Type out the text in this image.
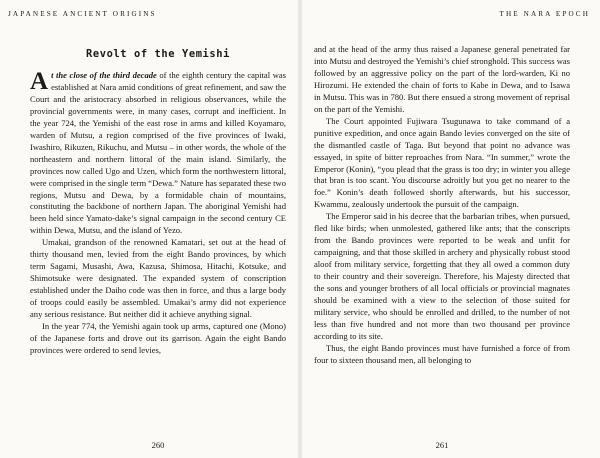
JAPANESE ANCIENT ORIGINS
Revolt of the Yemishi

At the close of the third decade of the eighth century the capital was established at Nara amid conditions of great refinement, and saw the Court and the aristocracy absorbed in religious observances, while the provincial governments were, in many cases, corrupt and inefficient. In the year 724, the Yemishi of the east rose in arms and killed Koyamaro, warden of Mutsu, a region comprised of the five provinces of Iwaki, Iwashiro, Rikuzen, Rikuchu, and Mutsu – in other words, the whole of the northeastern and northern littoral of the main island. Similarly, the provinces now called Ugo and Uzen, which form the northwestern littoral, were comprised in the single term “Dewa.” Nature has separated these two regions, Mutsu and Dewa, by a formidable chain of mountains, constituting the backbone of northern Japan. The aboriginal Yemishi had been held since Yamato-dake’s signal campaign in the second century CE within Dewa, Mutsu, and the island of Yezo.

Umakai, grandson of the renowned Kamatari, set out at the head of thirty thousand men, levied from the eight Bando provinces, by which term Sagami, Musashi, Awa, Kazusa, Shimosa, Hitachi, Kotsuke, and Shimotsuke were designated. The expanded system of conscription established under the Daiho code was then in force, and thus a large body of troops could easily be assembled. Umakai’s army did not experience any serious resistance. But neither did it achieve anything signal.

In the year 774, the Yemishi again took up arms, captured one (Mono) of the Japanese forts and drove out its garrison. Again the eight Bando provinces were ordered to send levies,

260
THE NARA EPOCH

and at the head of the army thus raised a Japanese general penetrated far into Mutsu and destroyed the Yemishi’s chief stronghold. This success was followed by an aggressive policy on the part of the lord-warden, Ki no Hirozumi. He extended the chain of forts to Kabe in Dewa, and to Isawa in Mutsu. This was in 780. But there ensued a strong movement of reprisal on the part of the Yemishi.

The Court appointed Fujiwara Tsugunawa to take command of a punitive expedition, and once again Bando levies converged on the site of the dismantled castle of Taga. But beyond that point no advance was essayed, in spite of bitter reproaches from Nara. “In summer,” wrote the Emperor (Konin), “you plead that the grass is too dry; in winter you allege that bran is too scant. You discourse adroitly but you get no nearer to the foe.” Konin’s death followed shortly afterwards, but his successor, Kwammu, zealously undertook the pursuit of the campaign.

The Emperor said in his decree that the barbarian tribes, when pursued, fled like birds; when unmolested, gathered like ants; that the conscripts from the Bando provinces were reported to be weak and unfit for campaigning, and that those skilled in archery and physically robust stood aloof from military service, forgetting that they all owed a common duty to their country and their sovereign. Therefore, his Majesty directed that the sons and younger brothers of all local officials or provincial magnates should be examined with a view to the selection of those suited for military service, who should be enrolled and drilled, to the number of not less than five hundred and not more than two thousand per province according to its site.

Thus, the eight Bando provinces must have furnished a force of from four to sixteen thousand men, all belonging to

261
